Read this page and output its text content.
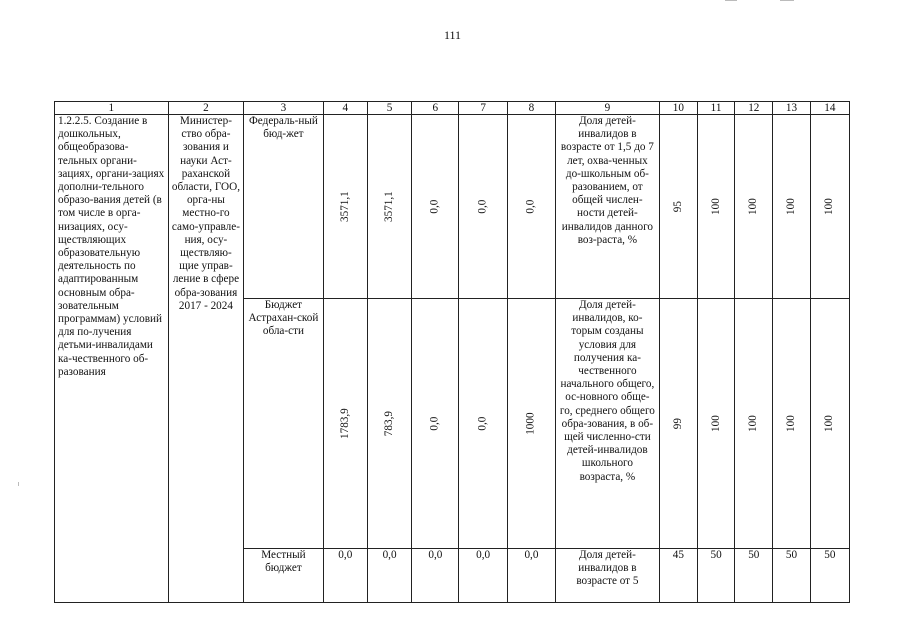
111
1	2	3	4	5	6	7	8	9	10	11	12	13	14
1.2.2.5. Создание в дошкольных, общеобразова-тельных органи-зациях, органи-зациях дополни-тельного образо-вания детей (в том числе в орга-низациях, осу-ществляющих образовательную деятельность по адаптированным основным обра-зовательным программам) условий для по-лучения детьми-инвалидами ка-чественного об-разования	Министер-ство обра-зования и науки Аст-раханской области, ГОО, орга-ны местно-го само-управле-ния, осу-ществляю-щие управ-ление в сфере обра-зования 2017 - 2024	Федераль-ный бюд-жет	3571,1	3571,1	0,0	0,0	0,0	Доля детей-инвалидов в возрасте от 1,5 до 7 лет, охва-ченных до-школьным об-разованием, от общей числен-ности детей-инвалидов данного воз-раста, %	95	100	100	100	100
		Бюджет Астрахан-ской обла-сти	1783,9	783,9	0,0	0,0	1000	Доля детей-инвалидов, ко-торым созданы условия для получения ка-чественного начального общего, ос-новного обще-го, среднего общего обра-зования, в об-щей численно-сти детей-инвалидов школьного возраста, %	99	100	100	100	100
		Местный бюджет	0,0	0,0	0,0	0,0	0,0	Доля детей-инвалидов в возрасте от 5	45	50	50	50	50
